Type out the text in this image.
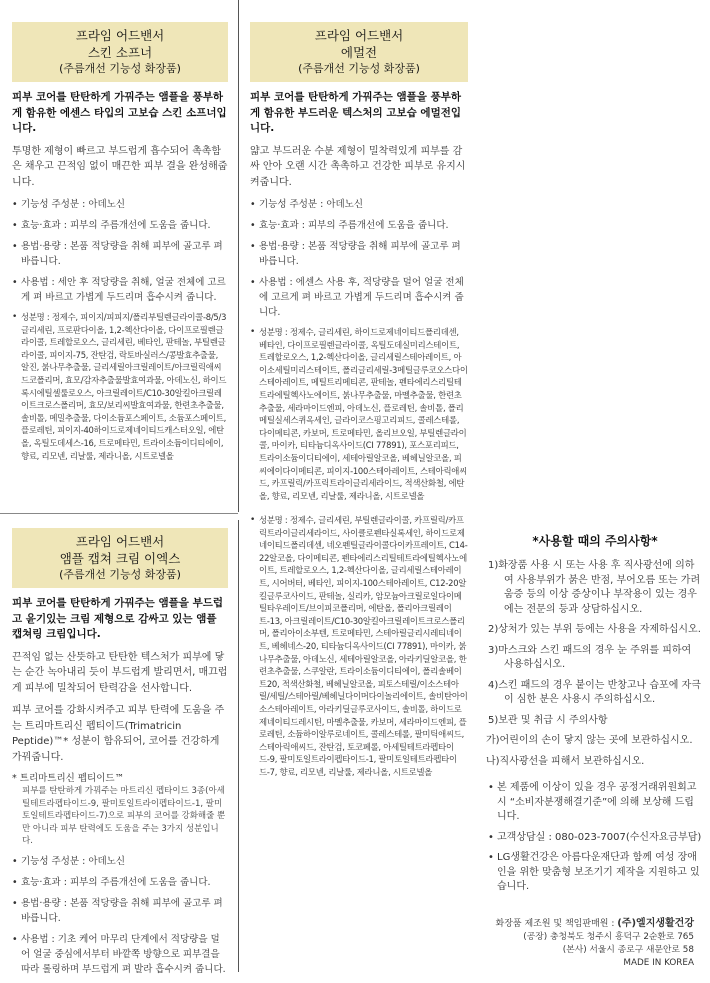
프라임 어드밴서
스킨 소프너
(주름개선 기능성 화장품)

피부 코어를 탄탄하게 가꿔주는 앰플을 풍부하게 함유한 에센스 타입의 고보습 스킨 소프너입니다.

투명한 제형이 빠르고 부드럽게 흡수되어 촉촉함은 채우고 끈적임 없이 매끈한 피부 결을 완성해줍니다.

• 기능성 주성분 : 아데노신
• 효능·효과 : 피부의 주름개선에 도움을 줍니다.
• 용법·용량 : 본품 적당량을 취해 피부에 골고루 펴 바릅니다.
• 사용법 : 세안 후 적당량을 취해, 얼굴 전체에 고르게 펴 바르고 가볍게 두드리며 흡수시켜 줍니다.
• 성분명 : 정제수, 피이지/피피지/폴리부틸렌글라이콜-8/5/3글리세린, 프로판다이올, 1,2-헥산다이올, 다이프로필렌글라이콜, 트레할로오스, 글리세린, 베타인, 판테놀, 부틸렌글라이콜, 피이지-75, 잔탄검, 락토바실러스/콩발효추출물, 알진, 붉나무추출물, 글리세릴아크릴레이트/아크릴릭애씨드코폴리머, 효모/감자추출물발효여과물, 아데노신, 하이드록시에틸셀룰로오스, 아크릴레이트/C10-30알킬아크릴레이트크로스폴리머, 효모/보리씨발효여과물, 한련초추출물, 솔비톨, 메밀추출물, 다이소듐포스페이트, 소듐포스페이트, 플로레틴, 피이지-40하이드로제네이티드캐스터오일, 에탄올, 옥틸도데세스-16, 트로메타민, 트라이소듐이디티에이, 향료, 리모넨, 리날룰, 제라니올, 시트로넬올
프라임 어드밴서
에멀전
(주름개선 기능성 화장품)

피부 코어를 탄탄하게 가꿔주는 앰플을 풍부하게 함유한 부드러운 텍스처의 고보습 에멀전입니다.

얇고 부드러운 수분 제형이 밀착력있게 피부를 감싸 안아 오랜 시간 촉촉하고 건강한 피부로 유지시켜줍니다.

• 기능성 주성분 : 아데노신
• 효능·효과 : 피부의 주름개선에 도움을 줍니다.
• 용법·용량 : 본품 적당량을 취해 피부에 골고루 펴 바릅니다.
• 사용법 : 에센스 사용 후, 적당량을 덜어 얼굴 전체에 고르게 펴 바르고 가볍게 두드리며 흡수시켜 줍니다.
• 성분명 : 정제수, 글리세린, 하이드로제네이티드폴리데센, 베타인, 다이프로필렌글라이콜, 옥틸도데실미리스테이트, 트레할로오스, 1,2-헥산다이올, 글리세릴스테아레이트, 아이소세틸미리스테이트, 폴리글리세릴-3메틸글루코오스다이스테아레이트, 메틸트리메티콘, 판테놀, 펜타에리스리틸테트라에틸헥사노에이트, 붉나무추출물, 마멜추출물, 한련초추출물, 세라마이드엔피, 아데노신, 플로레틴, 솔비톨, 폴리메틸실세스퀴옥세인, 글라이코스핑고리피드, 콜레스테롤, 다이메티콘, 카보머, 트로메타민, 올리브오일, 부틸렌글라이콜, 마이카, 티타늄디옥사이드(CI 77891), 포스포리피드, 트라이소듐이디티에이, 세테아릴알코올, 베헤닐알코올, 피씨에이다이메티콘, 피이지-100스테아레이트, 스테아릭애씨드, 카프릴릭/카프릭트라이글리세라이드, 적색산화철, 에탄올, 향료, 리모넨, 리날룰, 제라니올, 시트로넬올
프라임 어드밴서
앰플 캡쳐 크림 이엑스
(주름개선 기능성 화장품)

피부 코어를 탄탄하게 가꿔주는 앰플을 부드럽고 윤기있는 크림 제형으로 감싸고 있는 앰플 캡쳐링 크림입니다.

끈적임 없는 산뜻하고 탄탄한 텍스처가 피부에 닿는 순간 녹아내리 듯이 부드럽게 발리면서, 매끄럽게 피부에 밀착되어 탄력감을 선사합니다.

피부 코어를 강화시켜주고 피부 탄력에 도움을 주는 트리마트리신 펩티이드(Trimatricin Peptide)™* 성분이 함유되어, 코어를 건강하게 가꿔줍니다.

* 트리마트리신 펩티이드™
피부를 탄탄하게 가꿔주는 마트리신 펩타이드 3종(아세틸테트라펩타이드-9, 팔미토일트라이펩타이드-1, 팔미토일테트라펩타이드-7)으로 피부의 코어를 강화해줄 뿐만 아니라 피부 탄력에도 도움을 주는 3가지 성분입니다.
• 기능성 주성분 : 아데노신
• 효능·효과 : 피부의 주름개선에 도움을 줍니다.
• 용법·용량 : 본품 적당량을 취해 피부에 골고루 펴 바릅니다.
• 사용법 : 기초 케어 마무리 단계에서 적당량을 덜어 얼굴 중심에서부터 바깥쪽 방향으로 피부결을 따라 롤링하며 부드럽게 펴 발라 흡수시켜 줍니다.
• 성분명 : 정제수, 글리세린, 부틸렌글라이콜, 카프릴릭/카프릭트라이글리세라이드, 사이클로펜타실록세인, 하이드로제네이티드폴리데센, 네오펜틸글라이콜다이카프레이트, C14-22알코올, 다이메티콘, 펜타에리스리틸테트라에틸헥사노에이트, 트레할로오스, 1,2-헥산다이올, 글리세릴스테아레이트, 시어버터, 베타인, 피이지-100스테아레이트, C12-20알킬글루코사이드, 판테놀, 실리카, 암모늄아크릴로일다이메틸타우레이트/브이피코폴리머, 에탄올, 폴리아크릴레이트-13, 아크릴레이트/C10-30알킬아크릴레이트크로스폴리머, 폴리아이소부텐, 트로메타민, 스테아릴글리시레티네이트, 베헤네스-20, 티타늄디옥사이드(CI 77891), 마이카, 붉나무추출물, 아데노신, 세테아릴알코올, 아라키딜알코올, 한련초추출물, 스쿠알란, 트라이소듐이디티에이, 폴리솔베이트20, 적색산화철, 베헤닐알코올, 피토스테릴/이소스테아릴/세틸/스테아릴/베헤닐다이머다이놀리에이트, 솔비탄아이소스테아레이트, 아라키딜글루코사이드, 솔비톨, 하이드로제네이티드레시틴, 마멜추출물, 카보머, 세라마이드엔피, 플로레틴, 소듐하이알루로네이트, 콜레스테롤, 팔미틱애씨드, 스테아릭애씨드, 잔탄검, 토코페롤, 아세틸테트라펩타이드-9, 팔미토일트라이펩타이드-1, 팔미토일테트라펩타이드-7, 향료, 리모넨, 리날룰, 제라니올, 시트로넬올
*사용할 때의 주의사항*
1)화장품 사용 시 또는 사용 후 직사광선에 의하여 사용부위가 붉은 반점, 부어오름 또는 가려움증 등의 이상 증상이나 부작용이 있는 경우에는 전문의 등과 상담하십시오.
2)상처가 있는 부위 등에는 사용을 자제하십시오.
3)마스크와 스킨 패드의 경우 눈 주위를 피하여 사용하십시오.
4)스킨 패드의 경우 붙이는 반창고나 습포에 자극이 심한 분은 사용시 주의하십시오.
5)보관 및 취급 시 주의사항
가)어린이의 손이 닿지 않는 곳에 보관하십시오.
나)직사광선을 피해서 보관하십시오.
• 본 제품에 이상이 있을 경우 공정거래위원회고시 “소비자분쟁해결기준”에 의해 보상해 드립니다.
• 고객상담실 : 080-023-7007(수신자요금부담)
• LG생활건강은 아름다운재단과 함께 여성 장애인을 위한 맞춤형 보조기기 제작을 지원하고 있습니다.
화장품 제조원 및 책임판매원 : (주)엘지생활건강
(공장) 충청북도 청주시 흥덕구 2순환로 765
(본사) 서울시 종로구 새문안로 58
MADE IN KOREA
